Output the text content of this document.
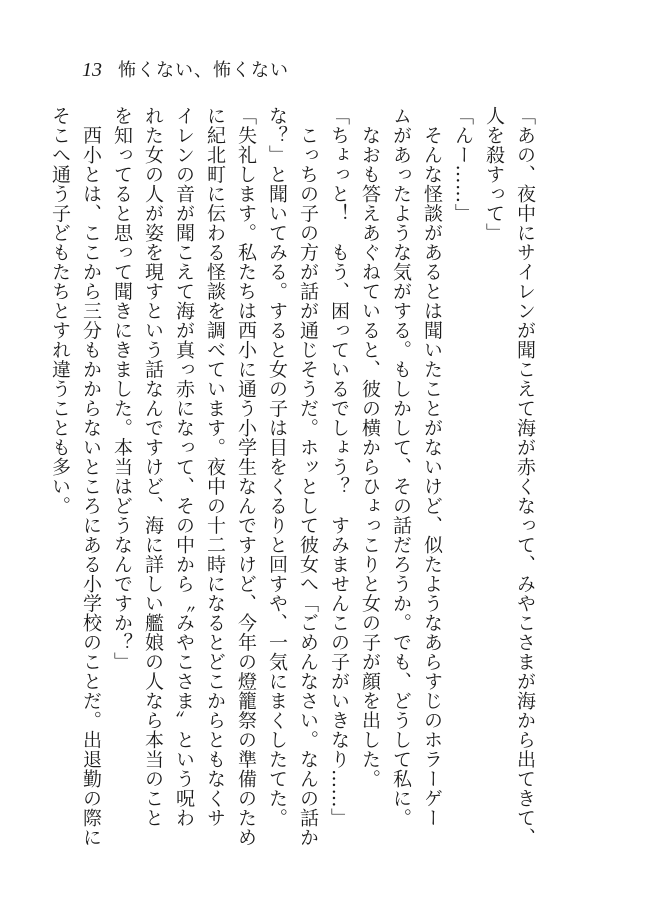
13 怖くない、怖くない
「あの、夜中にサイレンが聞こえて海が赤くなって、みやこさまが海から出てきて、
人を殺すって」
「んー……」
　そんな怪談があるとは聞いたことがないけど、似たようなあらすじのホラーゲー
ムがあったような気がする。もしかして、その話だろうか。でも、どうして私に。
　なおも答えあぐねていると、彼の横からひょっこりと女の子が顔を出した。
「ちょっと！　もう、困っているでしょう？　すみませんこの子がいきなり……」
　こっちの子の方が話が通じそうだ。ホッとして彼女へ「ごめんなさい。なんの話か
な？」と聞いてみる。すると女の子は目をくるりと回すや、一気にまくしたてた。
「失礼します。私たちは西小に通う小学生なんですけど、今年の燈籠祭の準備のため
に紀北町に伝わる怪談を調べています。夜中の十二時になるとどこからともなくサ
イレンの音が聞こえて海が真っ赤になって、その中から〝みやこさま〟という呪わ
れた女の人が姿を現すという話なんですけど、海に詳しい艦娘の人なら本当のこと
を知ってると思って聞きにきました。本当はどうなんですか？」
　西小とは、ここから三分もかからないところにある小学校のことだ。出退勤の際に
そこへ通う子どもたちとすれ違うことも多い。
